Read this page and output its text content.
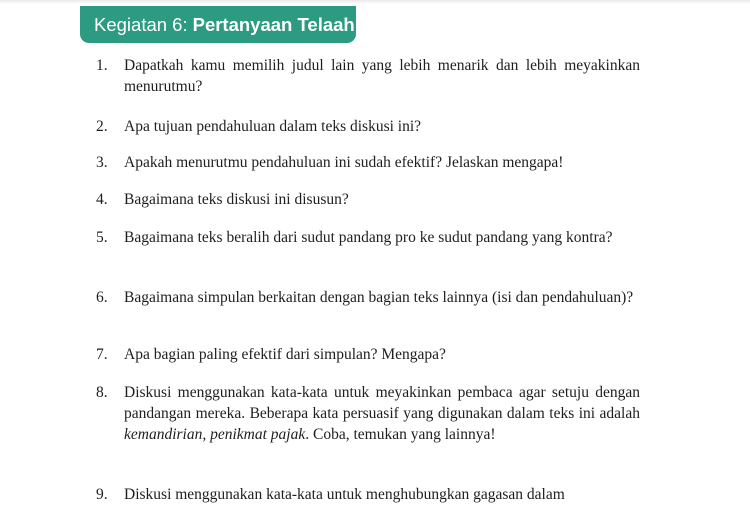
Kegiatan 6: Pertanyaan Telaah
1.	Dapatkah kamu memilih judul lain yang lebih menarik dan lebih meyakinkan menurutmu?
2.	Apa tujuan pendahuluan dalam teks diskusi ini?
3.	Apakah menurutmu pendahuluan ini sudah efektif? Jelaskan mengapa!
4.	Bagaimana teks diskusi ini disusun?
5.	Bagaimana teks beralih dari sudut pandang pro ke sudut pandang yang kontra?
6.	Bagaimana simpulan berkaitan dengan bagian teks lainnya (isi dan pendahuluan)?
7.	Apa bagian paling efektif dari simpulan? Mengapa?
8.	Diskusi menggunakan kata-kata untuk meyakinkan pembaca agar setuju dengan pandangan mereka. Beberapa kata persuasif yang digunakan dalam teks ini adalah kemandirian, penikmat pajak. Coba, temukan yang lainnya!
9.	Diskusi menggunakan kata-kata untuk menghubungkan gagasan dalam
